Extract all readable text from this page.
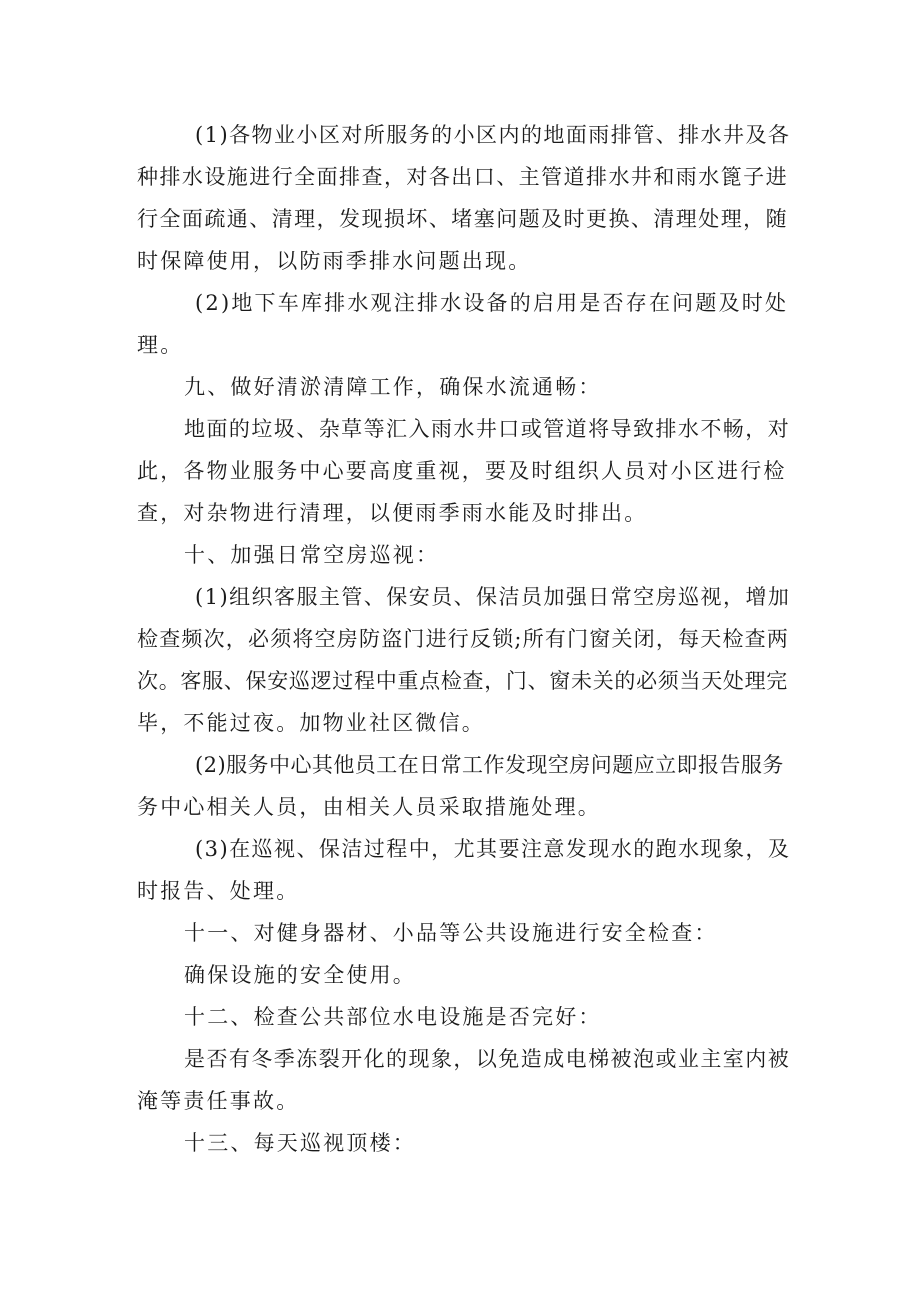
(1)各物业小区对所服务的小区内的地面雨排管、排水井及各
种排水设施进行全面排查，对各出口、主管道排水井和雨水篦子进
行全面疏通、清理，发现损坏、堵塞问题及时更换、清理处理，随
时保障使用，以防雨季排水问题出现。
(2)地下车库排水观注排水设备的启用是否存在问题及时处
理。
九、做好清淤清障工作，确保水流通畅：
地面的垃圾、杂草等汇入雨水井口或管道将导致排水不畅，对
此，各物业服务中心要高度重视，要及时组织人员对小区进行检
查，对杂物进行清理，以便雨季雨水能及时排出。
十、加强日常空房巡视：
(1)组织客服主管、保安员、保洁员加强日常空房巡视，增加
检查频次，必须将空房防盗门进行反锁;所有门窗关闭，每天检查两
次。客服、保安巡逻过程中重点检查，门、窗未关的必须当天处理完
毕，不能过夜。加物业社区微信。
(2)服务中心其他员工在日常工作发现空房问题应立即报告服务
务中心相关人员，由相关人员采取措施处理。
(3)在巡视、保洁过程中，尤其要注意发现水的跑水现象，及
时报告、处理。
十一、对健身器材、小品等公共设施进行安全检查：
确保设施的安全使用。
十二、检查公共部位水电设施是否完好：
是否有冬季冻裂开化的现象，以免造成电梯被泡或业主室内被
淹等责任事故。
十三、每天巡视顶楼：
